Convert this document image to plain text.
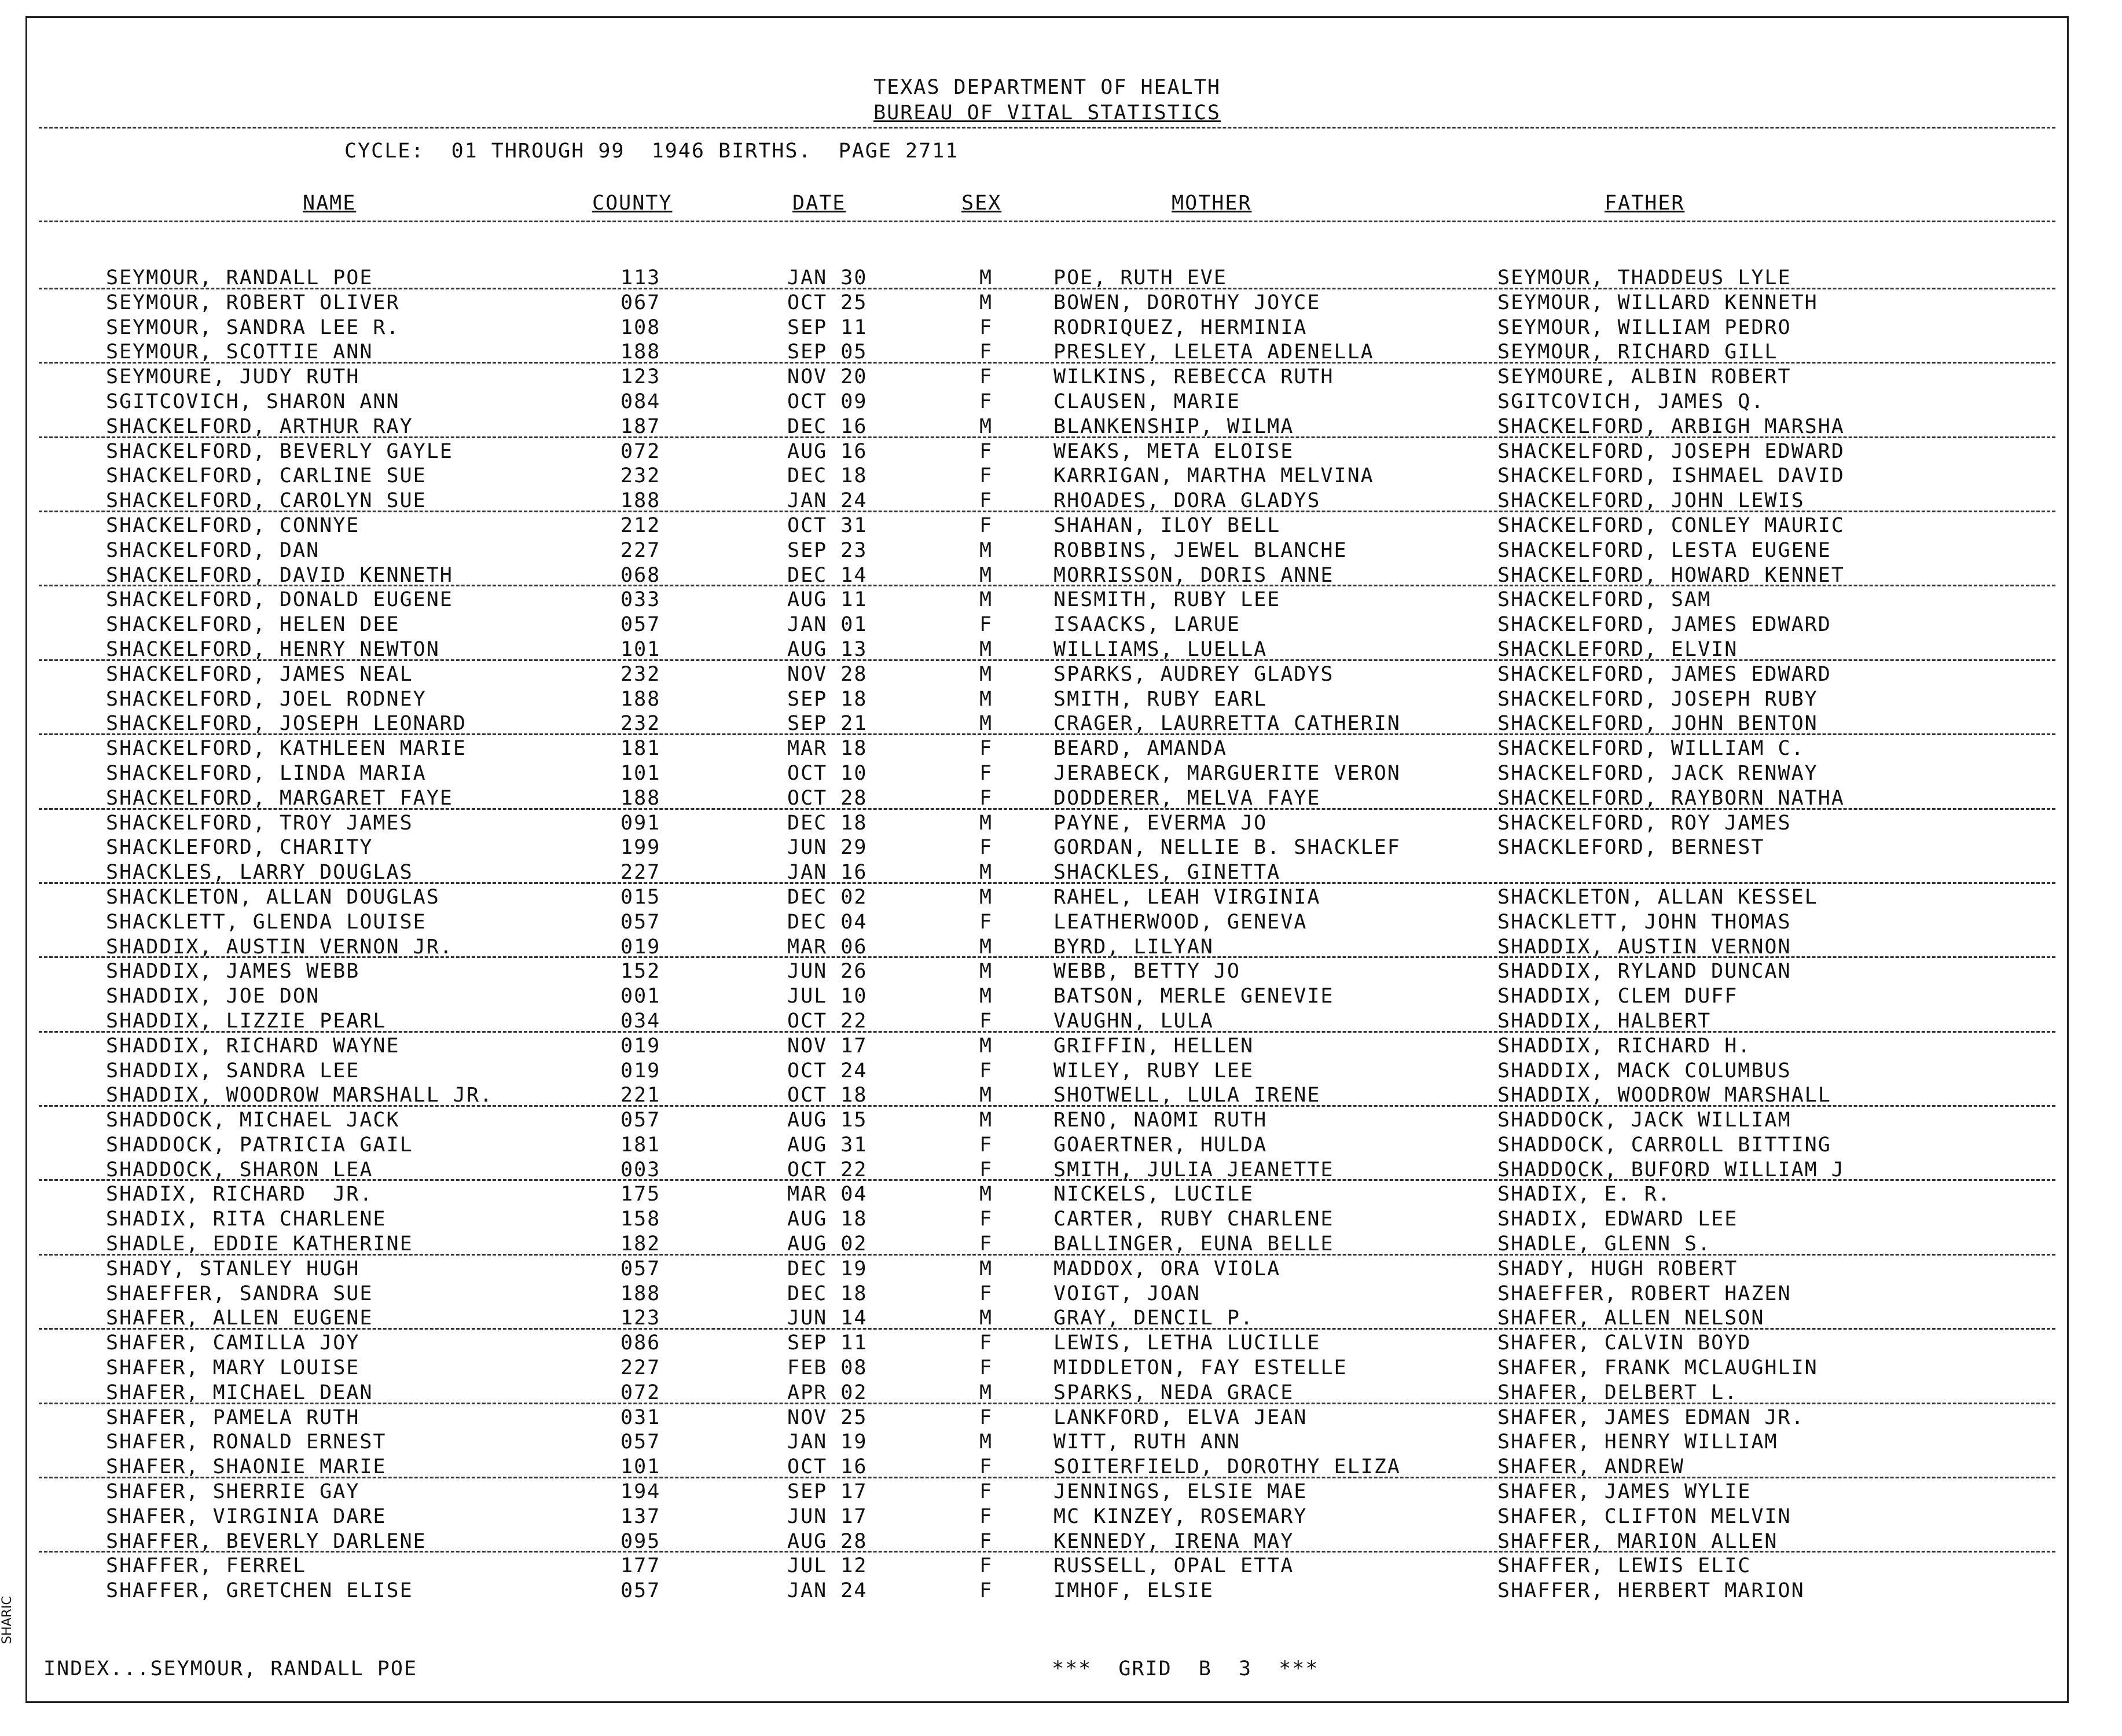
TEXAS DEPARTMENT OF HEALTH
BUREAU OF VITAL STATISTICS
CYCLE:  01 THROUGH 99  1946 BIRTHS.  PAGE 2711
NAME	COUNTY	DATE	SEX	MOTHER	FATHER
SEYMOUR, RANDALL POE	113	JAN 30	M	POE, RUTH EVE	SEYMOUR, THADDEUS LYLE
SEYMOUR, ROBERT OLIVER	067	OCT 25	M	BOWEN, DOROTHY JOYCE	SEYMOUR, WILLARD KENNETH
SEYMOUR, SANDRA LEE R.	108	SEP 11	F	RODRIQUEZ, HERMINIA	SEYMOUR, WILLIAM PEDRO
SEYMOUR, SCOTTIE ANN	188	SEP 05	F	PRESLEY, LELETA ADENELLA	SEYMOUR, RICHARD GILL
SEYMOURE, JUDY RUTH	123	NOV 20	F	WILKINS, REBECCA RUTH	SEYMOURE, ALBIN ROBERT
SGITCOVICH, SHARON ANN	084	OCT 09	F	CLAUSEN, MARIE	SGITCOVICH, JAMES Q.
SHACKELFORD, ARTHUR RAY	187	DEC 16	M	BLANKENSHIP, WILMA	SHACKELFORD, ARBIGH MARSHA
SHACKELFORD, BEVERLY GAYLE	072	AUG 16	F	WEAKS, META ELOISE	SHACKELFORD, JOSEPH EDWARD
SHACKELFORD, CARLINE SUE	232	DEC 18	F	KARRIGAN, MARTHA MELVINA	SHACKELFORD, ISHMAEL DAVID
SHACKELFORD, CAROLYN SUE	188	JAN 24	F	RHOADES, DORA GLADYS	SHACKELFORD, JOHN LEWIS
SHACKELFORD, CONNYE	212	OCT 31	F	SHAHAN, ILOY BELL	SHACKELFORD, CONLEY MAURIC
SHACKELFORD, DAN	227	SEP 23	M	ROBBINS, JEWEL BLANCHE	SHACKELFORD, LESTA EUGENE
SHACKELFORD, DAVID KENNETH	068	DEC 14	M	MORRISSON, DORIS ANNE	SHACKELFORD, HOWARD KENNET
SHACKELFORD, DONALD EUGENE	033	AUG 11	M	NESMITH, RUBY LEE	SHACKELFORD, SAM
SHACKELFORD, HELEN DEE	057	JAN 01	F	ISAACKS, LARUE	SHACKELFORD, JAMES EDWARD
SHACKELFORD, HENRY NEWTON	101	AUG 13	M	WILLIAMS, LUELLA	SHACKLEFORD, ELVIN
SHACKELFORD, JAMES NEAL	232	NOV 28	M	SPARKS, AUDREY GLADYS	SHACKELFORD, JAMES EDWARD
SHACKELFORD, JOEL RODNEY	188	SEP 18	M	SMITH, RUBY EARL	SHACKELFORD, JOSEPH RUBY
SHACKELFORD, JOSEPH LEONARD	232	SEP 21	M	CRAGER, LAURRETTA CATHERIN	SHACKELFORD, JOHN BENTON
SHACKELFORD, KATHLEEN MARIE	181	MAR 18	F	BEARD, AMANDA	SHACKELFORD, WILLIAM C.
SHACKELFORD, LINDA MARIA	101	OCT 10	F	JERABECK, MARGUERITE VERON	SHACKELFORD, JACK RENWAY
SHACKELFORD, MARGARET FAYE	188	OCT 28	F	DODDERER, MELVA FAYE	SHACKELFORD, RAYBORN NATHA
SHACKELFORD, TROY JAMES	091	DEC 18	M	PAYNE, EVERMA JO	SHACKELFORD, ROY JAMES
SHACKLEFORD, CHARITY	199	JUN 29	F	GORDAN, NELLIE B. SHACKLEF	SHACKLEFORD, BERNEST
SHACKLES, LARRY DOUGLAS	227	JAN 16	M	SHACKLES, GINETTA
SHACKLETON, ALLAN DOUGLAS	015	DEC 02	M	RAHEL, LEAH VIRGINIA	SHACKLETON, ALLAN KESSEL
SHACKLETT, GLENDA LOUISE	057	DEC 04	F	LEATHERWOOD, GENEVA	SHACKLETT, JOHN THOMAS
SHADDIX, AUSTIN VERNON JR.	019	MAR 06	M	BYRD, LILYAN	SHADDIX, AUSTIN VERNON
SHADDIX, JAMES WEBB	152	JUN 26	M	WEBB, BETTY JO	SHADDIX, RYLAND DUNCAN
SHADDIX, JOE DON	001	JUL 10	M	BATSON, MERLE GENEVIE	SHADDIX, CLEM DUFF
SHADDIX, LIZZIE PEARL	034	OCT 22	F	VAUGHN, LULA	SHADDIX, HALBERT
SHADDIX, RICHARD WAYNE	019	NOV 17	M	GRIFFIN, HELLEN	SHADDIX, RICHARD H.
SHADDIX, SANDRA LEE	019	OCT 24	F	WILEY, RUBY LEE	SHADDIX, MACK COLUMBUS
SHADDIX, WOODROW MARSHALL JR.	221	OCT 18	M	SHOTWELL, LULA IRENE	SHADDIX, WOODROW MARSHALL
SHADDOCK, MICHAEL JACK	057	AUG 15	M	RENO, NAOMI RUTH	SHADDOCK, JACK WILLIAM
SHADDOCK, PATRICIA GAIL	181	AUG 31	F	GOAERTNER, HULDA	SHADDOCK, CARROLL BITTING
SHADDOCK, SHARON LEA	003	OCT 22	F	SMITH, JULIA JEANETTE	SHADDOCK, BUFORD WILLIAM J
SHADIX, RICHARD  JR.	175	MAR 04	M	NICKELS, LUCILE	SHADIX, E. R.
SHADIX, RITA CHARLENE	158	AUG 18	F	CARTER, RUBY CHARLENE	SHADIX, EDWARD LEE
SHADLE, EDDIE KATHERINE	182	AUG 02	F	BALLINGER, EUNA BELLE	SHADLE, GLENN S.
SHADY, STANLEY HUGH	057	DEC 19	M	MADDOX, ORA VIOLA	SHADY, HUGH ROBERT
SHAEFFER, SANDRA SUE	188	DEC 18	F	VOIGT, JOAN	SHAEFFER, ROBERT HAZEN
SHAFER, ALLEN EUGENE	123	JUN 14	M	GRAY, DENCIL P.	SHAFER, ALLEN NELSON
SHAFER, CAMILLA JOY	086	SEP 11	F	LEWIS, LETHA LUCILLE	SHAFER, CALVIN BOYD
SHAFER, MARY LOUISE	227	FEB 08	F	MIDDLETON, FAY ESTELLE	SHAFER, FRANK MCLAUGHLIN
SHAFER, MICHAEL DEAN	072	APR 02	M	SPARKS, NEDA GRACE	SHAFER, DELBERT L.
SHAFER, PAMELA RUTH	031	NOV 25	F	LANKFORD, ELVA JEAN	SHAFER, JAMES EDMAN JR.
SHAFER, RONALD ERNEST	057	JAN 19	M	WITT, RUTH ANN	SHAFER, HENRY WILLIAM
SHAFER, SHAONIE MARIE	101	OCT 16	F	SOITERFIELD, DOROTHY ELIZA	SHAFER, ANDREW
SHAFER, SHERRIE GAY	194	SEP 17	F	JENNINGS, ELSIE MAE	SHAFER, JAMES WYLIE
SHAFER, VIRGINIA DARE	137	JUN 17	F	MC KINZEY, ROSEMARY	SHAFER, CLIFTON MELVIN
SHAFFER, BEVERLY DARLENE	095	AUG 28	F	KENNEDY, IRENA MAY	SHAFFER, MARION ALLEN
SHAFFER, FERREL	177	JUL 12	F	RUSSELL, OPAL ETTA	SHAFFER, LEWIS ELIC
SHAFFER, GRETCHEN ELISE	057	JAN 24	F	IMHOF, ELSIE	SHAFFER, HERBERT MARION
INDEX...SEYMOUR, RANDALL POE	***  GRID  B  3  ***
SHARIC
